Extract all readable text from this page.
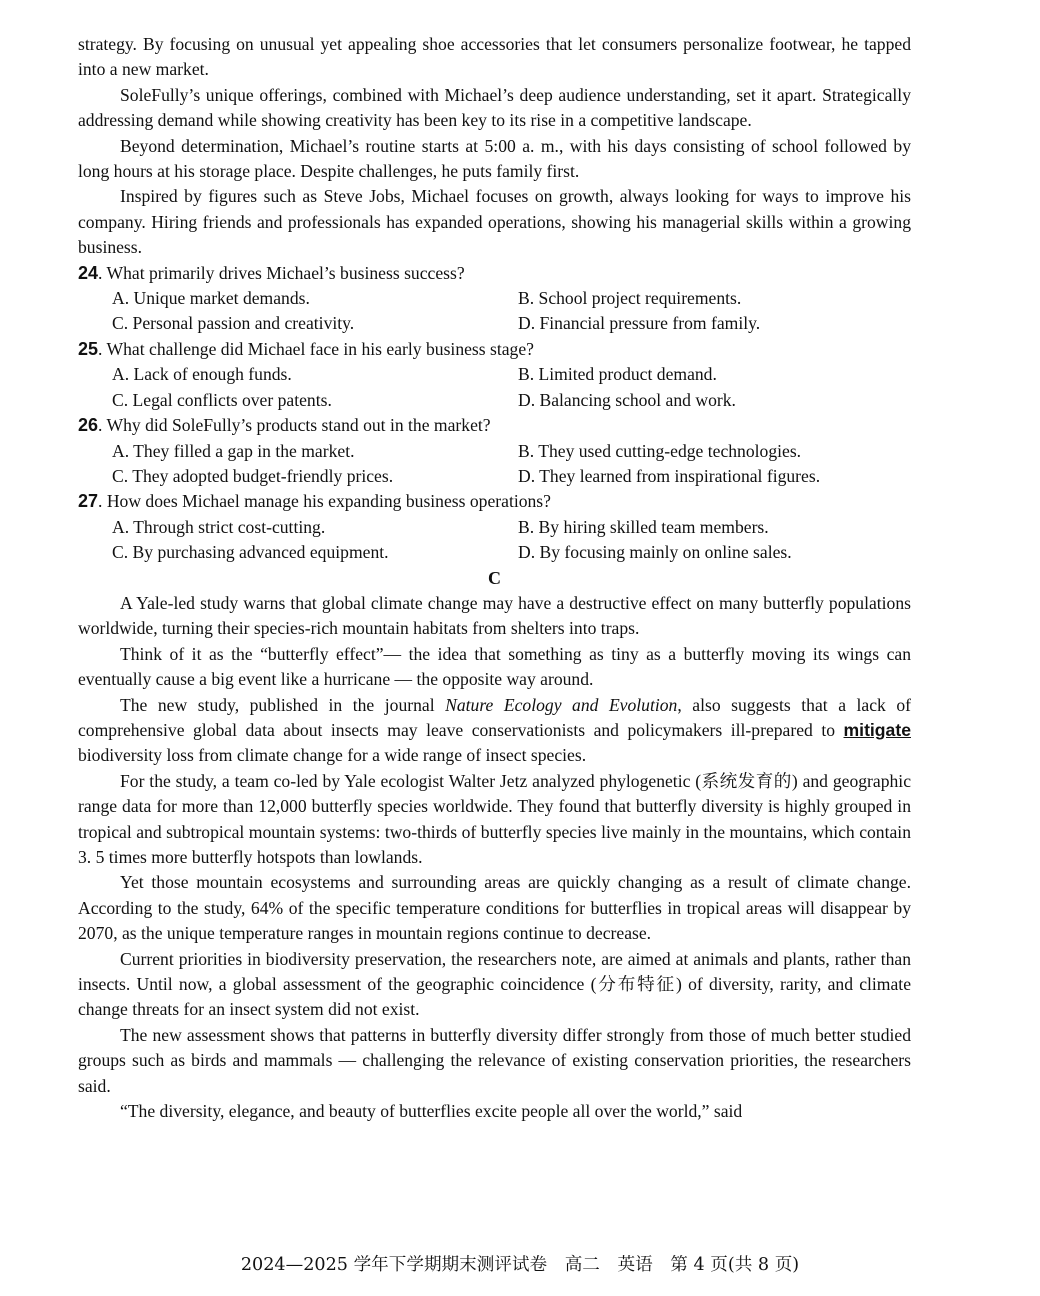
strategy. By focusing on unusual yet appealing shoe accessories that let consumers personalize footwear, he tapped into a new market.

SoleFully’s unique offerings, combined with Michael’s deep audience understanding, set it apart. Strategically addressing demand while showing creativity has been key to its rise in a competitive landscape.

Beyond determination, Michael’s routine starts at 5:00 a. m., with his days consisting of school followed by long hours at his storage place. Despite challenges, he puts family first.

Inspired by figures such as Steve Jobs, Michael focuses on growth, always looking for ways to improve his company. Hiring friends and professionals has expanded operations, showing his managerial skills within a growing business.

24. What primarily drives Michael’s business success?

A. Unique market demands.	B. School project requirements.
C. Personal passion and creativity.	D. Financial pressure from family.

25. What challenge did Michael face in his early business stage?

A. Lack of enough funds.	B. Limited product demand.
C. Legal conflicts over patents.	D. Balancing school and work.

26. Why did SoleFully’s products stand out in the market?

A. They filled a gap in the market.	B. They used cutting-edge technologies.
C. They adopted budget-friendly prices.	D. They learned from inspirational figures.

27. How does Michael manage his expanding business operations?

A. Through strict cost-cutting.	B. By hiring skilled team members.
C. By purchasing advanced equipment.	D. By focusing mainly on online sales.

C

A Yale-led study warns that global climate change may have a destructive effect on many butterfly populations worldwide, turning their species-rich mountain habitats from shelters into traps.

Think of it as the “butterfly effect”— the idea that something as tiny as a butterfly moving its wings can eventually cause a big event like a hurricane — the opposite way around.

The new study, published in the journal Nature Ecology and Evolution, also suggests that a lack of comprehensive global data about insects may leave conservationists and policymakers ill-prepared to mitigate biodiversity loss from climate change for a wide range of insect species.

For the study, a team co-led by Yale ecologist Walter Jetz analyzed phylogenetic (系统发育的) and geographic range data for more than 12,000 butterfly species worldwide. They found that butterfly diversity is highly grouped in tropical and subtropical mountain systems: two-thirds of butterfly species live mainly in the mountains, which contain 3. 5 times more butterfly hotspots than lowlands.

Yet those mountain ecosystems and surrounding areas are quickly changing as a result of climate change. According to the study, 64% of the specific temperature conditions for butterflies in tropical areas will disappear by 2070, as the unique temperature ranges in mountain regions continue to decrease.

Current priorities in biodiversity preservation, the researchers note, are aimed at animals and plants, rather than insects. Until now, a global assessment of the geographic coincidence (分布特征) of diversity, rarity, and climate change threats for an insect system did not exist.

The new assessment shows that patterns in butterfly diversity differ strongly from those of much better studied groups such as birds and mammals — challenging the relevance of existing conservation priorities, the researchers said.

“The diversity, elegance, and beauty of butterflies excite people all over the world,” said

2024—2025 学年下学期期末测评试卷 高二 英语 第 4 页(共 8 页)
